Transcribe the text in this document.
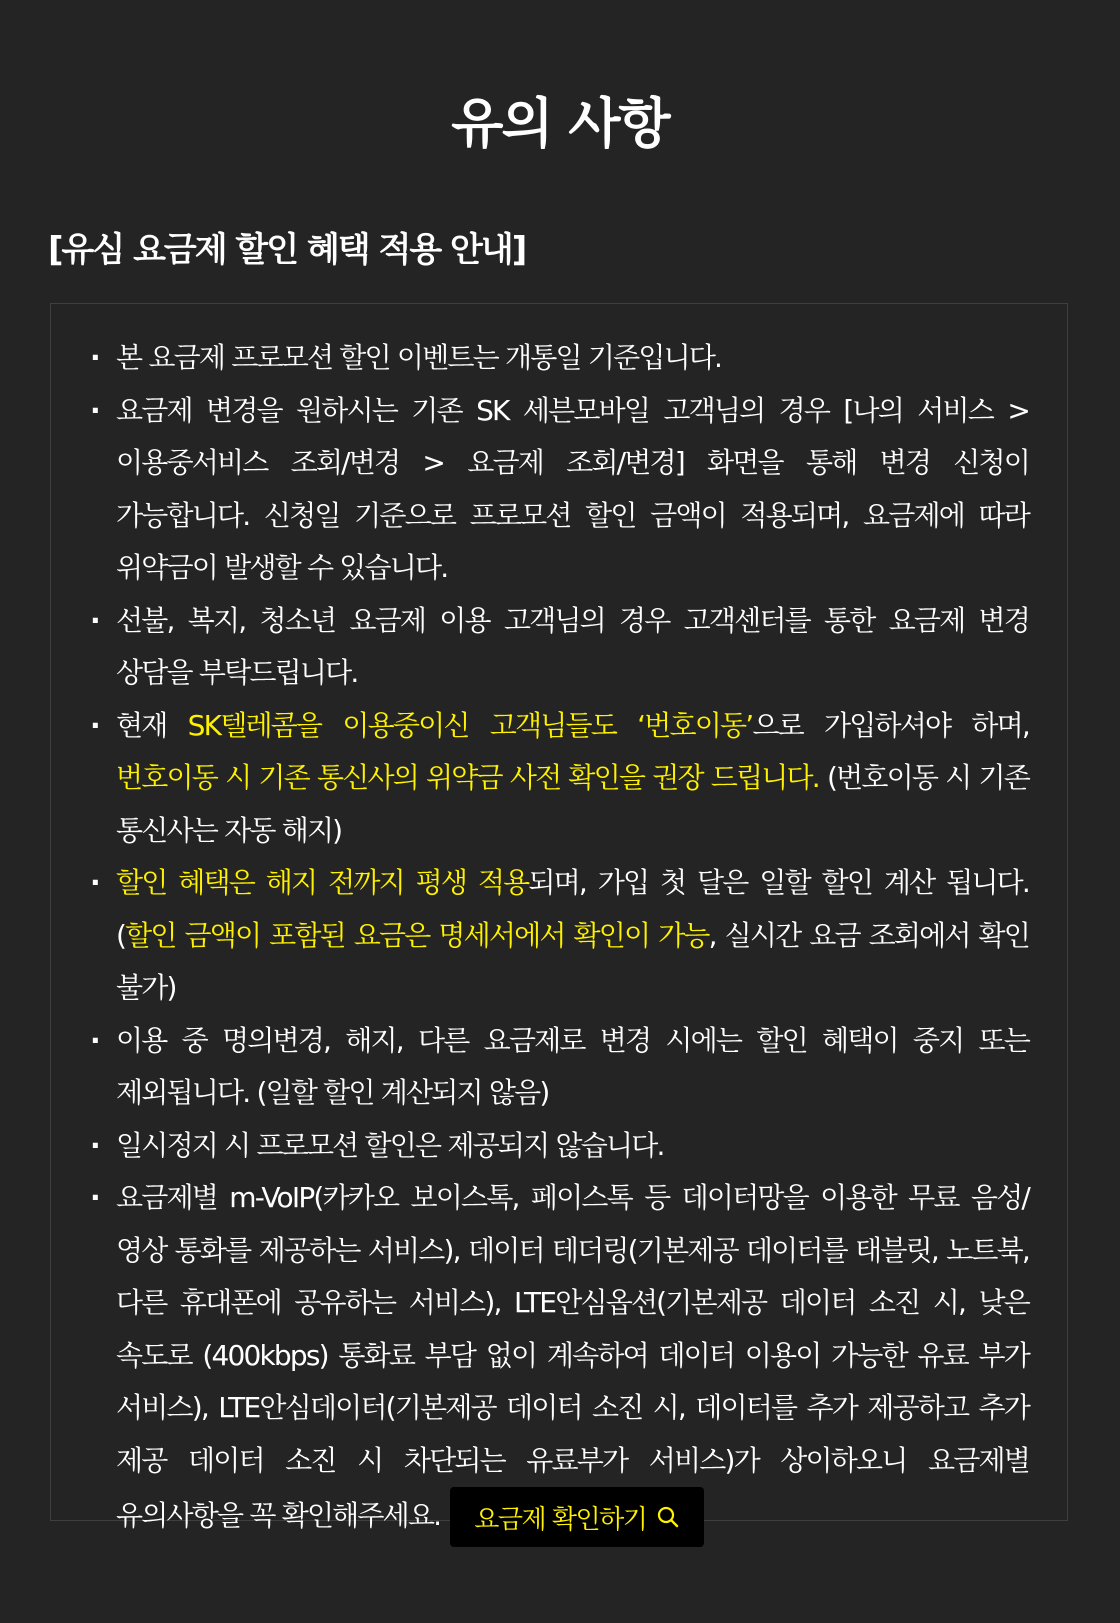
유의 사항
[유심 요금제 할인 혜택 적용 안내]
· 본 요금제 프로모션 할인 이벤트는 개통일 기준입니다.
· 요금제 변경을 원하시는 기존 SK 세븐모바일 고객님의 경우 [나의 서비스 > 이용중서비스 조회/변경 > 요금제 조회/변경] 화면을 통해 변경 신청이 가능합니다. 신청일 기준으로 프로모션 할인 금액이 적용되며, 요금제에 따라 위약금이 발생할 수 있습니다.
· 선불, 복지, 청소년 요금제 이용 고객님의 경우 고객센터를 통한 요금제 변경 상담을 부탁드립니다.
· 현재 SK텔레콤을 이용중이신 고객님들도 ‘번호이동’으로 가입하셔야 하며, 번호이동 시 기존 통신사의 위약금 사전 확인을 권장 드립니다. (번호이동 시 기존 통신사는 자동 해지)
· 할인 혜택은 해지 전까지 평생 적용되며, 가입 첫 달은 일할 할인 계산 됩니다. (할인 금액이 포함된 요금은 명세서에서 확인이 가능, 실시간 요금 조회에서 확인 불가)
· 이용 중 명의변경, 해지, 다른 요금제로 변경 시에는 할인 혜택이 중지 또는 제외됩니다. (일할 할인 계산되지 않음)
· 일시정지 시 프로모션 할인은 제공되지 않습니다.
· 요금제별 m-VoIP(카카오 보이스톡, 페이스톡 등 데이터망을 이용한 무료 음성/영상 통화를 제공하는 서비스), 데이터 테더링(기본제공 데이터를 태블릿, 노트북, 다른 휴대폰에 공유하는 서비스), LTE안심옵션(기본제공 데이터 소진 시, 낮은 속도로 (400kbps) 통화료 부담 없이 계속하여 데이터 이용이 가능한 유료 부가 서비스), LTE안심데이터(기본제공 데이터 소진 시, 데이터를 추가 제공하고 추가 제공 데이터 소진 시 차단되는 유료부가 서비스)가 상이하오니 요금제별 유의사항을 꼭 확인해주세요. 요금제 확인하기
